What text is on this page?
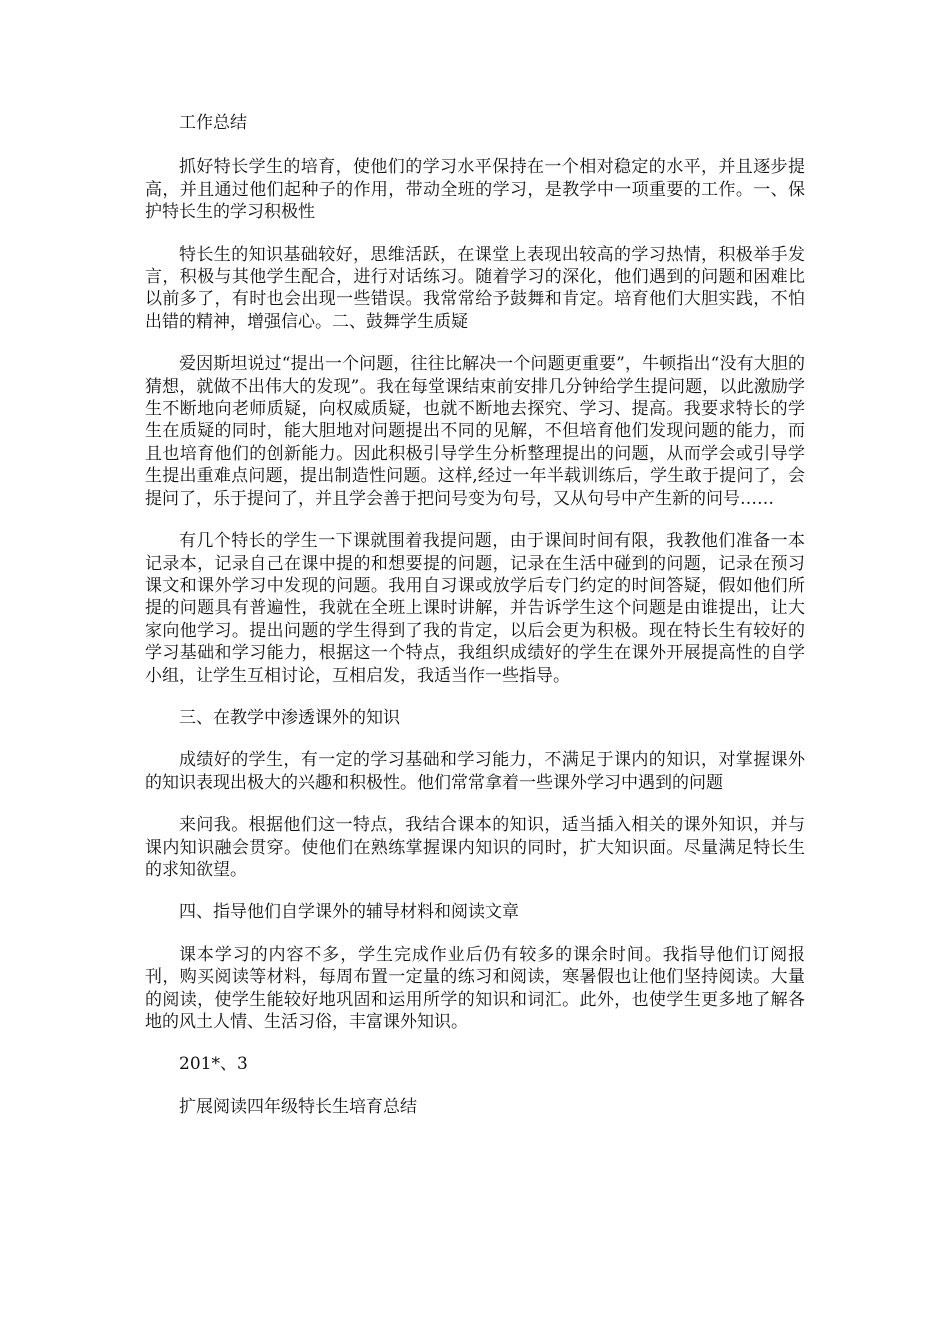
工作总结

抓好特长学生的培育，使他们的学习水平保持在一个相对稳定的水平，并且逐步提高，并且通过他们起种子的作用，带动全班的学习，是教学中一项重要的工作。一、保护特长生的学习积极性

特长生的知识基础较好，思维活跃，在课堂上表现出较高的学习热情，积极举手发言，积极与其他学生配合，进行对话练习。随着学习的深化，他们遇到的问题和困难比以前多了，有时也会出现一些错误。我常常给予鼓舞和肯定。培育他们大胆实践，不怕出错的精神，增强信心。二、鼓舞学生质疑

爱因斯坦说过“提出一个问题，往往比解决一个问题更重要”，牛顿指出“没有大胆的猜想，就做不出伟大的发现”。我在每堂课结束前安排几分钟给学生提问题，以此激励学生不断地向老师质疑，向权威质疑，也就不断地去探究、学习、提高。我要求特长的学生在质疑的同时，能大胆地对问题提出不同的见解，不但培育他们发现问题的能力，而且也培育他们的创新能力。因此积极引导学生分析整理提出的问题，从而学会或引导学生提出重难点问题，提出制造性问题。这样,经过一年半载训练后，学生敢于提问了，会提问了，乐于提问了，并且学会善于把问号变为句号，又从句号中产生新的问号……

有几个特长的学生一下课就围着我提问题，由于课间时间有限，我教他们准备一本记录本，记录自己在课中提的和想要提的问题，记录在生活中碰到的问题，记录在预习课文和课外学习中发现的问题。我用自习课或放学后专门约定的时间答疑，假如他们所提的问题具有普遍性，我就在全班上课时讲解，并告诉学生这个问题是由谁提出，让大家向他学习。提出问题的学生得到了我的肯定，以后会更为积极。现在特长生有较好的学习基础和学习能力，根据这一个特点，我组织成绩好的学生在课外开展提高性的自学小组，让学生互相讨论，互相启发，我适当作一些指导。

三、在教学中渗透课外的知识

成绩好的学生，有一定的学习基础和学习能力，不满足于课内的知识，对掌握课外的知识表现出极大的兴趣和积极性。他们常常拿着一些课外学习中遇到的问题

来问我。根据他们这一特点，我结合课本的知识，适当插入相关的课外知识，并与课内知识融会贯穿。使他们在熟练掌握课内知识的同时，扩大知识面。尽量满足特长生的求知欲望。

四、指导他们自学课外的辅导材料和阅读文章

课本学习的内容不多，学生完成作业后仍有较多的课余时间。我指导他们订阅报刊，购买阅读等材料，每周布置一定量的练习和阅读，寒暑假也让他们坚持阅读。大量的阅读，使学生能较好地巩固和运用所学的知识和词汇。此外，也使学生更多地了解各地的风土人情、生活习俗，丰富课外知识。

201*、3

扩展阅读四年级特长生培育总结
